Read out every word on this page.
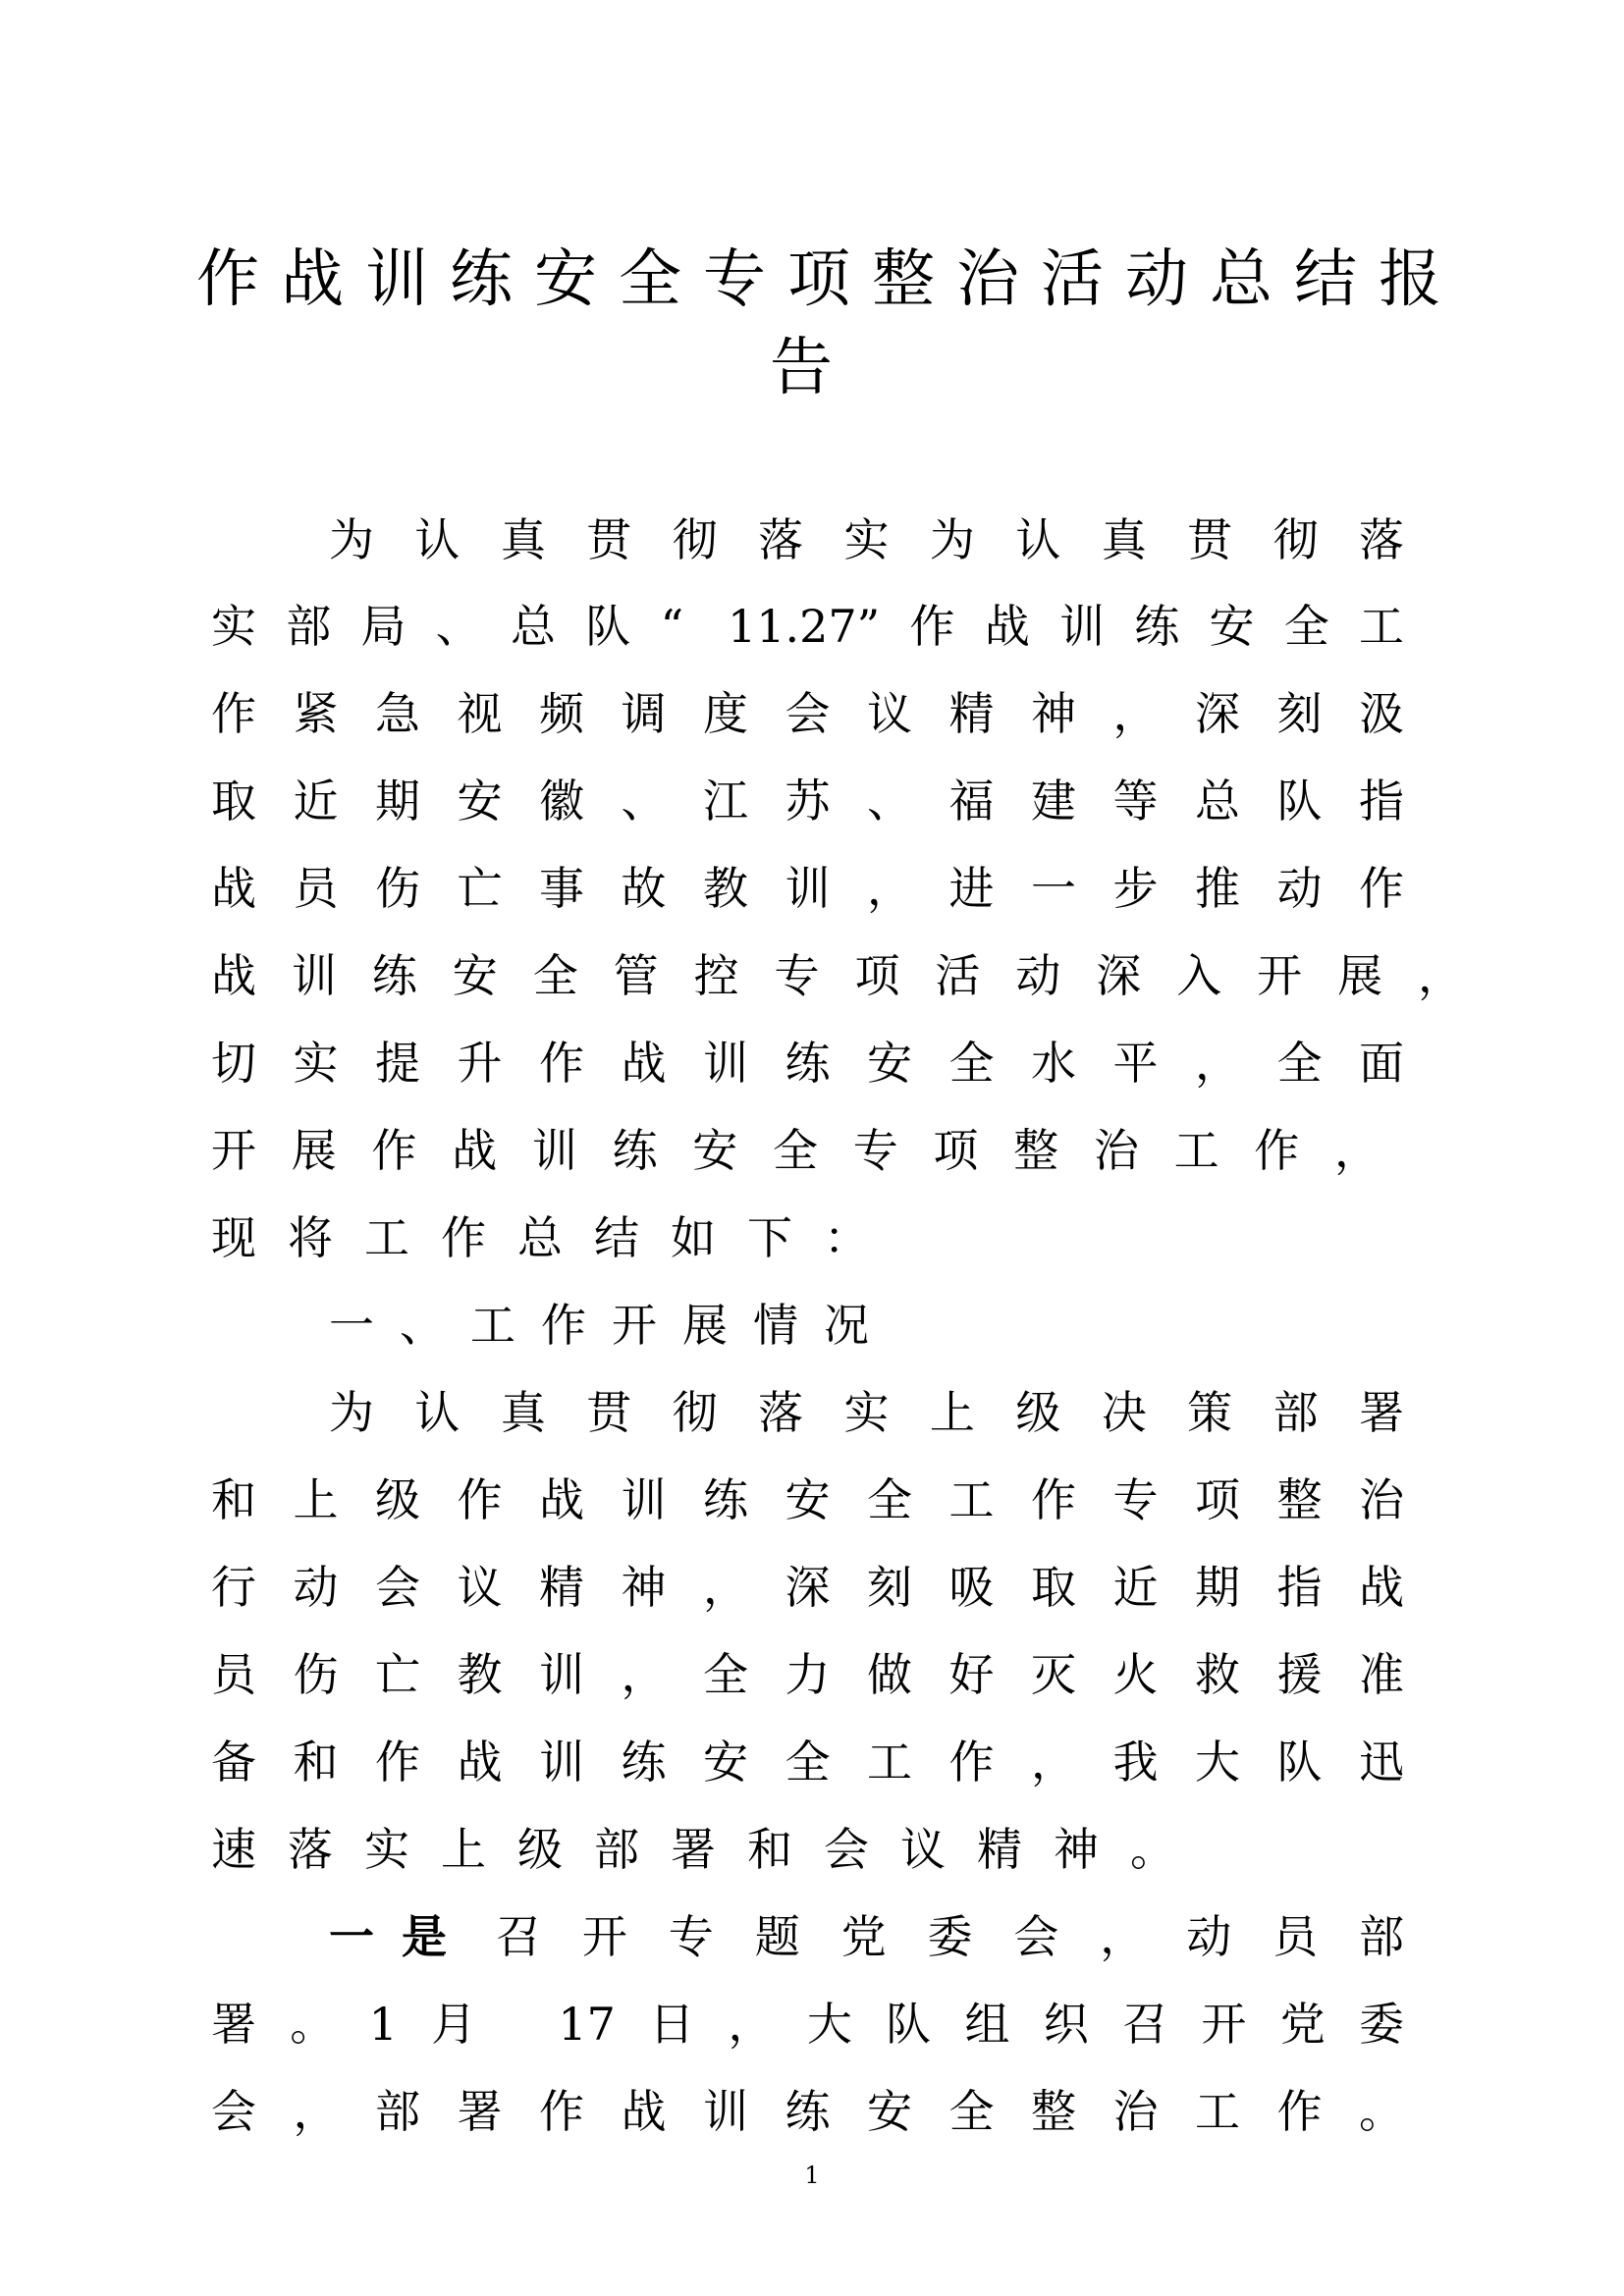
作战训练安全专项整治活动总结报
告
为认真贯彻落实为认真贯彻落
实部局、总队“ 11.27”作战训练安全工
作紧急视频调度会议精神，深刻汲
取近期安徽、江苏、福建等总队指
战员伤亡事故教训，进一步推动作
战训练安全管控专项活动深入开展，
切实提升作战训练安全水平，全面
开展作战训练安全专项整治工作，
现将工作总结如下：
一、工作开展情况
为认真贯彻落实上级决策部署
和上级作战训练安全工作专项整治
行动会议精神，深刻吸取近期指战
员伤亡教训，全力做好灭火救援准
备和作战训练安全工作，我大队迅
速落实上级部署和会议精神。
一是 召开专题党委会，动员部
署。1月 17日，大队组织召开党委
会，部署作战训练安全整治工作。
1
